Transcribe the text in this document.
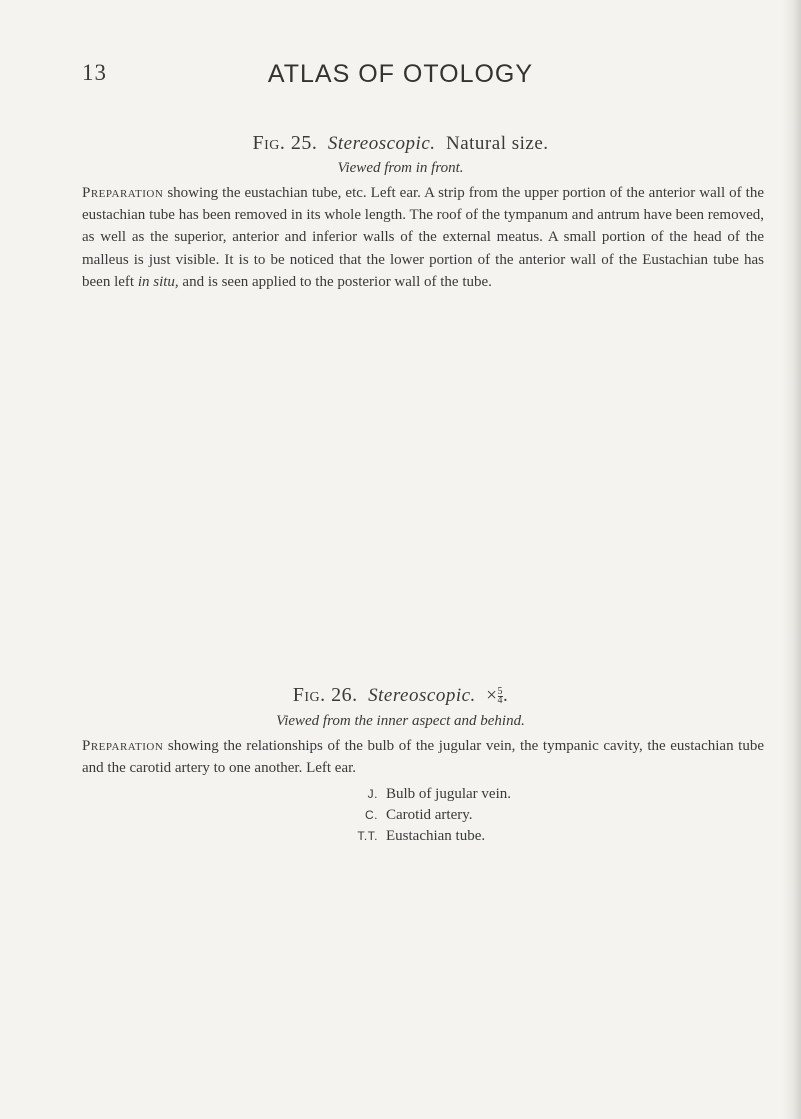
13	ATLAS OF OTOLOGY
Fig. 25. Stereoscopic. Natural size.
Viewed from in front.

Preparation showing the eustachian tube, etc. Left ear. A strip from the upper portion of the anterior wall of the eustachian tube has been removed in its whole length. The roof of the tympanum and antrum have been removed, as well as the superior, anterior and inferior walls of the external meatus. A small portion of the head of the malleus is just visible. It is to be noticed that the lower portion of the anterior wall of the Eustachian tube has been left in situ, and is seen applied to the posterior wall of the tube.

Fig. 26. Stereoscopic. × $\frac{5}{4}$ .
Viewed from the inner aspect and behind.

Preparation showing the relationships of the bulb of the jugular vein, the tympanic cavity, the eustachian tube and the carotid artery to one another. Left ear.

J. Bulb of jugular vein.
C. Carotid artery.
T.T. Eustachian tube.
